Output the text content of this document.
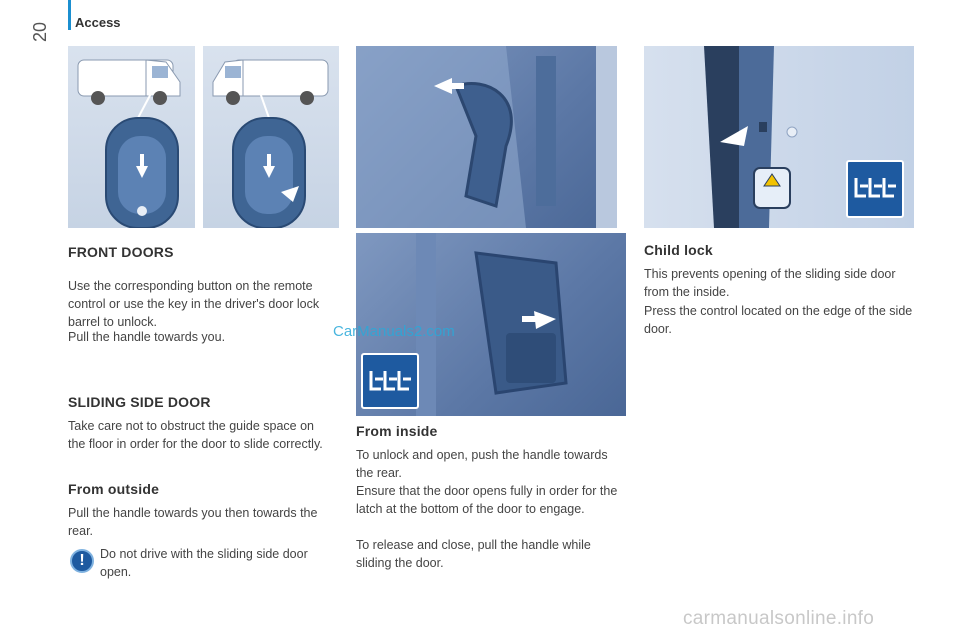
Access
20
FRONT DOORS
Use the corresponding button on the remote control or use the key in the driver's door lock barrel to unlock.
Pull the handle towards you.
SLIDING SIDE DOOR
Take care not to obstruct the guide space on the floor in order for the door to slide correctly.
From outside
Pull the handle towards you then towards the rear.
!	Do not drive with the sliding side door open.
From inside
To unlock and open, push the handle towards the rear.
Ensure that the door opens fully in order for the latch at the bottom of the door to engage.
To release and close, pull the handle while sliding the door.
Child lock
This prevents opening of the sliding side door from the inside.
Press the control located on the edge of the side door.
CarManuals2.com
carmanualsonline.info
